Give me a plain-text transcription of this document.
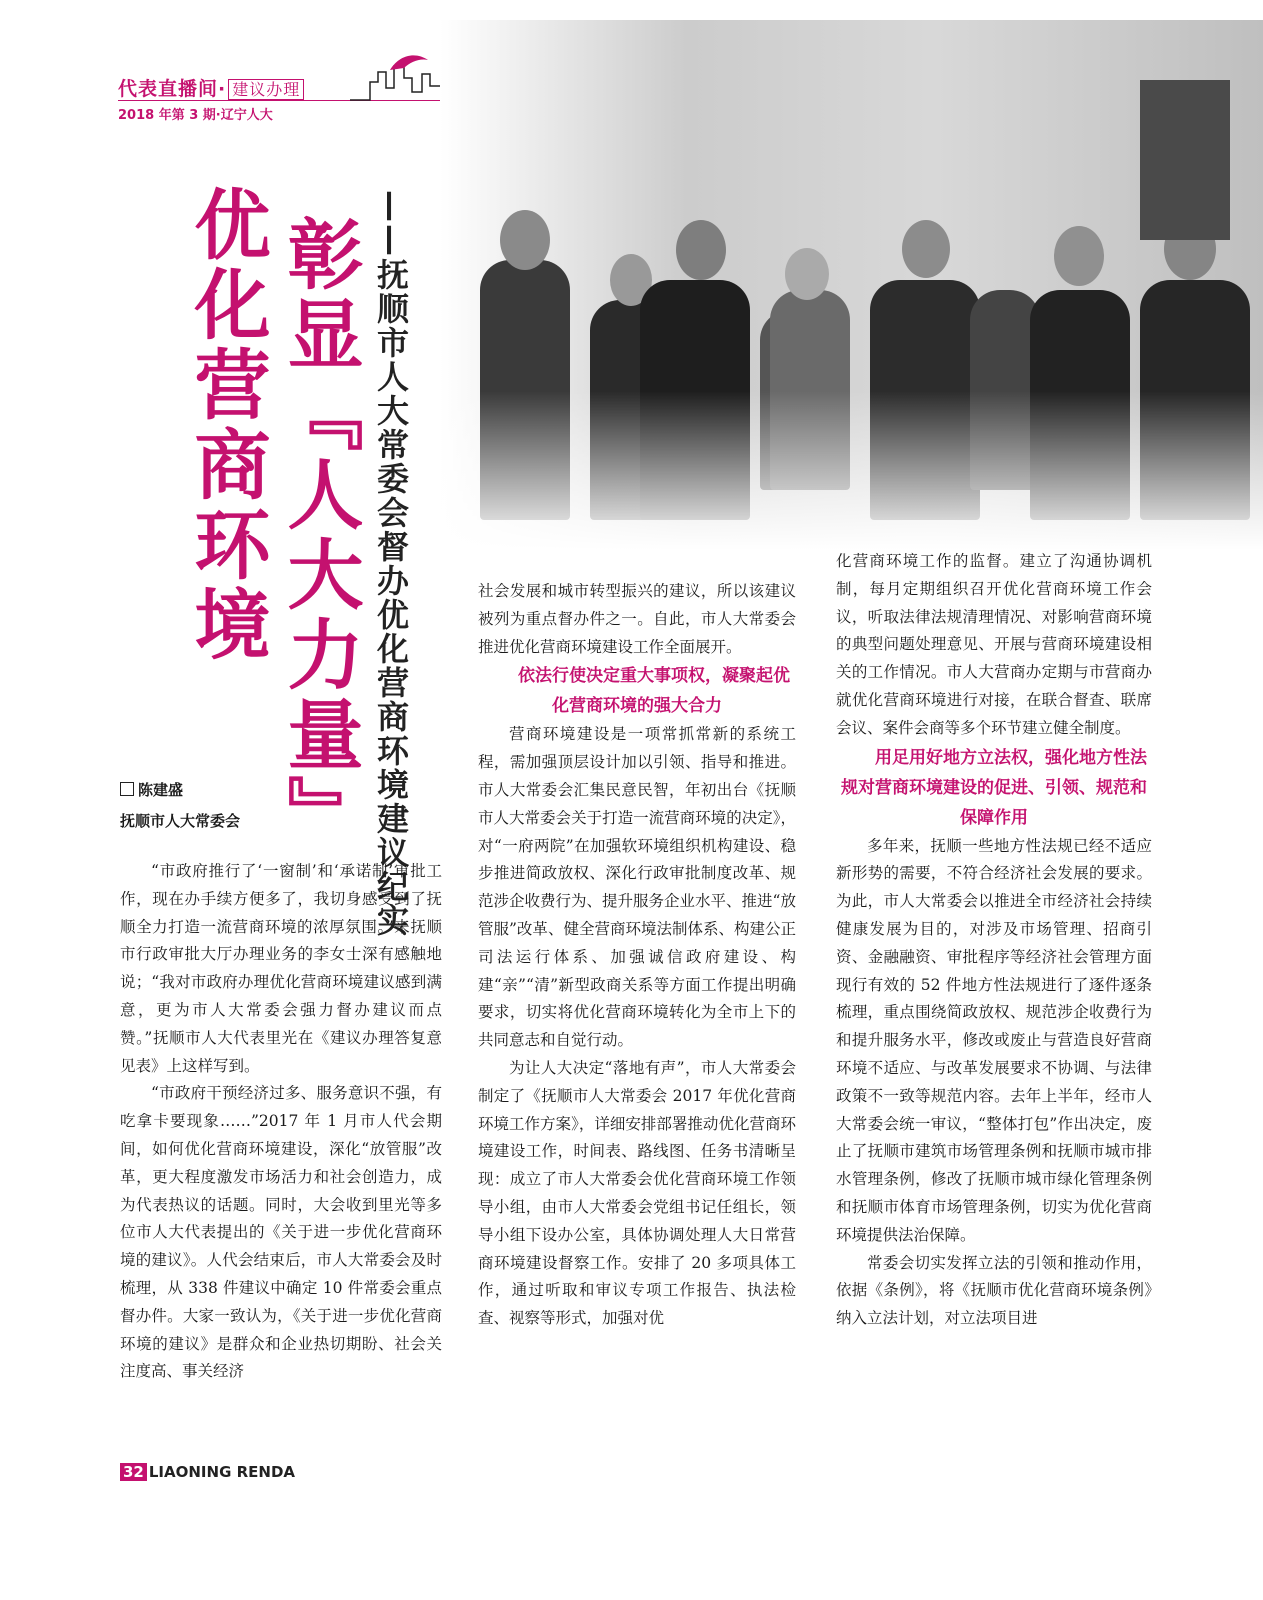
代表直播间· 建议办理
2018 年第 3 期·辽宁人大
优化营商环境 彰显『人大力量』 ——抚顺市人大常委会督办优化营商环境建议纪实
陈建盛
抚顺市人大常委会

“市政府推行了‘一窗制’和‘承诺制’审批工作，现在办手续方便多了，我切身感受到了抚顺全力打造一流营商环境的浓厚氛围。”来抚顺市行政审批大厅办理业务的李女士深有感触地说；“我对市政府办理优化营商环境建议感到满意，更为市人大常委会强力督办建议而点赞。”抚顺市人大代表里光在《建议办理答复意见表》上这样写到。

“市政府干预经济过多、服务意识不强，有吃拿卡要现象……”2017 年 1 月市人代会期间，如何优化营商环境建设，深化“放管服”改革，更大程度激发市场活力和社会创造力，成为代表热议的话题。同时，大会收到里光等多位市人大代表提出的《关于进一步优化营商环境的建议》。人代会结束后，市人大常委会及时梳理，从 338 件建议中确定 10 件常委会重点督办件。大家一致认为，《关于进一步优化营商环境的建议》是群众和企业热切期盼、社会关注度高、事关经济

社会发展和城市转型振兴的建议，所以该建议被列为重点督办件之一。自此，市人大常委会推进优化营商环境建设工作全面展开。

依法行使决定重大事项权，凝聚起优化营商环境的强大合力

营商环境建设是一项常抓常新的系统工程，需加强顶层设计加以引领、指导和推进。市人大常委会汇集民意民智，年初出台《抚顺市人大常委会关于打造一流营商环境的决定》，对“一府两院”在加强软环境组织机构建设、稳步推进简政放权、深化行政审批制度改革、规范涉企收费行为、提升服务企业水平、推进“放管服”改革、健全营商环境法制体系、构建公正司法运行体系、加强诚信政府建设、构建“亲”“清”新型政商关系等方面工作提出明确要求，切实将优化营商环境转化为全市上下的共同意志和自觉行动。

为让人大决定“落地有声”，市人大常委会制定了《抚顺市人大常委会 2017 年优化营商环境工作方案》，详细安排部署推动优化营商环境建设工作，时间表、路线图、任务书清晰呈现：成立了市人大常委会优化营商环境工作领导小组，由市人大常委会党组书记任组长，领导小组下设办公室，具体协调处理人大日常营商环境建设督察工作。安排了 20 多项具体工作，通过听取和审议专项工作报告、执法检查、视察等形式，加强对优

化营商环境工作的监督。建立了沟通协调机制，每月定期组织召开优化营商环境工作会议，听取法律法规清理情况、对影响营商环境的典型问题处理意见、开展与营商环境建设相关的工作情况。市人大营商办定期与市营商办就优化营商环境进行对接，在联合督查、联席会议、案件会商等多个环节建立健全制度。

用足用好地方立法权，强化地方性法规对营商环境建设的促进、引领、规范和保障作用

多年来，抚顺一些地方性法规已经不适应新形势的需要，不符合经济社会发展的要求。为此，市人大常委会以推进全市经济社会持续健康发展为目的，对涉及市场管理、招商引资、金融融资、审批程序等经济社会管理方面现行有效的 52 件地方性法规进行了逐件逐条梳理，重点围绕简政放权、规范涉企收费行为和提升服务水平，修改或废止与营造良好营商环境不适应、与改革发展要求不协调、与法律政策不一致等规范内容。去年上半年，经市人大常委会统一审议，“整体打包”作出决定，废止了抚顺市建筑市场管理条例和抚顺市城市排水管理条例，修改了抚顺市城市绿化管理条例和抚顺市体育市场管理条例，切实为优化营商环境提供法治保障。

常委会切实发挥立法的引领和推动作用，依据《条例》，将《抚顺市优化营商环境条例》纳入立法计划，对立法项目进

32 LIAONING RENDA
